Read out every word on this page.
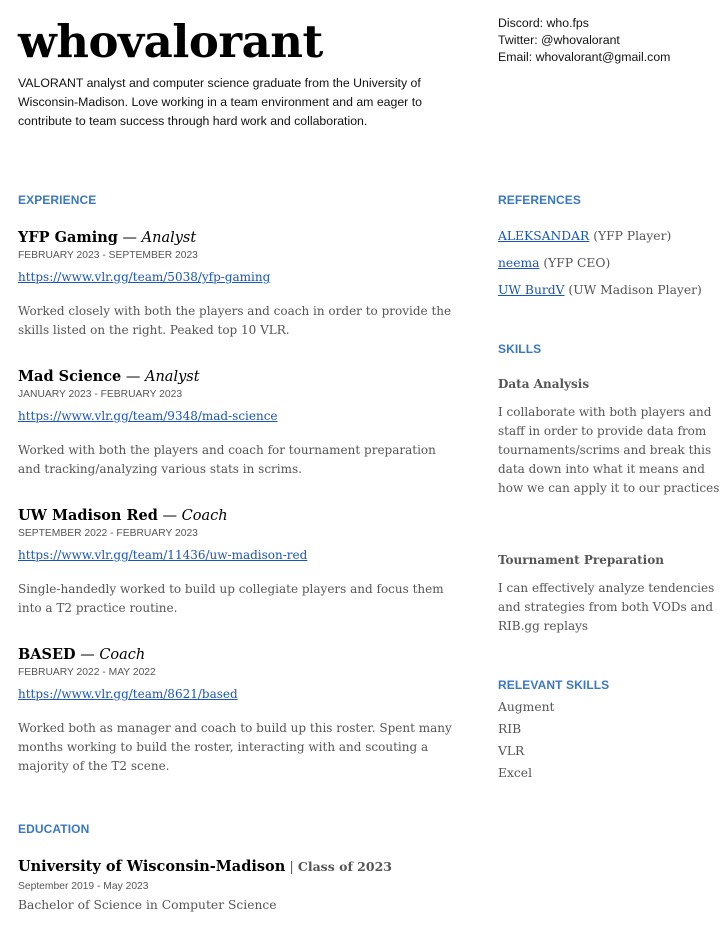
whovalorant
VALORANT analyst and computer science graduate from the University of Wisconsin-Madison. Love working in a team environment and am eager to contribute to team success through hard work and collaboration.
Discord: who.fps
Twitter: @whovalorant
Email: whovalorant@gmail.com
EXPERIENCE
YFP Gaming — Analyst
FEBRUARY 2023 - SEPTEMBER 2023
https://www.vlr.gg/team/5038/yfp-gaming
Worked closely with both the players and coach in order to provide the skills listed on the right. Peaked top 10 VLR.
Mad Science — Analyst
JANUARY 2023 - FEBRUARY 2023
https://www.vlr.gg/team/9348/mad-science
Worked with both the players and coach for tournament preparation and tracking/analyzing various stats in scrims.
UW Madison Red — Coach
SEPTEMBER 2022 - FEBRUARY 2023
https://www.vlr.gg/team/11436/uw-madison-red
Single-handedly worked to build up collegiate players and focus them into a T2 practice routine.
BASED — Coach
FEBRUARY 2022 - MAY 2022
https://www.vlr.gg/team/8621/based
Worked both as manager and coach to build up this roster. Spent many months working to build the roster, interacting with and scouting a majority of the T2 scene.
EDUCATION
University of Wisconsin-Madison | Class of 2023
September 2019 - May 2023
Bachelor of Science in Computer Science
REFERENCES
ALEKSANDAR (YFP Player)
neema (YFP CEO)
UW BurdV (UW Madison Player)
SKILLS
Data Analysis
I collaborate with both players and staff in order to provide data from tournaments/scrims and break this data down into what it means and how we can apply it to our practices
Tournament Preparation
I can effectively analyze tendencies and strategies from both VODs and RIB.gg replays
RELEVANT SKILLS
Augment
RIB
VLR
Excel
